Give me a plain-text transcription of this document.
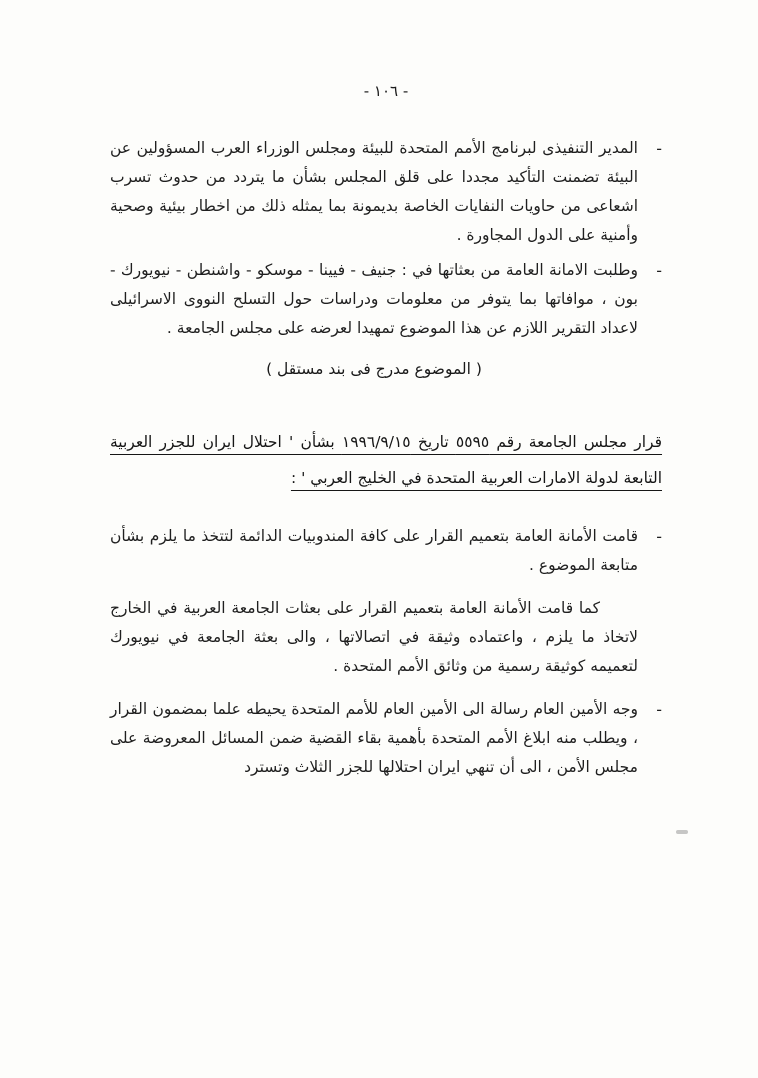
- ١٠٦ -
-

المدير التنفيذى لبرنامج الأمم المتحدة للبيئة ومجلس الوزراء العرب المسؤولين عن البيئة تضمنت التأكيد مجددا على قلق المجلس بشأن ما يتردد من حدوث تسرب اشعاعى من حاويات النفايات الخاصة بديمونة بما يمثله ذلك من اخطار بيئية وصحية وأمنية على الدول المجاورة .

-

وطلبت الامانة العامة من بعثاتها في : جنيف - فيينا - موسكو - واشنطن - نيويورك - بون ، موافاتها بما يتوفر من معلومات ودراسات حول التسلح النووى الاسرائيلى لاعداد التقرير اللازم عن هذا الموضوع تمهيدا لعرضه على مجلس الجامعة .

( الموضوع مدرج فى بند مستقل )
قرار مجلس الجامعة رقم ٥٥٩٥ تاريخ ١٩٩٦/٩/١٥ بشأن ' احتلال ايران للجزر العربية التابعة لدولة الامارات العربية المتحدة في الخليج العربي ' :
-

قامت الأمانة العامة بتعميم القرار على كافة المندوبيات الدائمة لتتخذ ما يلزم بشأن متابعة الموضوع .

كما قامت الأمانة العامة بتعميم القرار على بعثات الجامعة العربية في الخارج لاتخاذ ما يلزم ، واعتماده وثيقة في اتصالاتها ، والى بعثة الجامعة في نيويورك لتعميمه كوثيقة رسمية من وثائق الأمم المتحدة .

-

وجه الأمين العام رسالة الى الأمين العام للأمم المتحدة يحيطه علما بمضمون القرار ، ويطلب منه ابلاغ الأمم المتحدة بأهمية بقاء القضية ضمن المسائل المعروضة على مجلس الأمن ، الى أن تنهي ايران احتلالها للجزر الثلاث وتسترد
